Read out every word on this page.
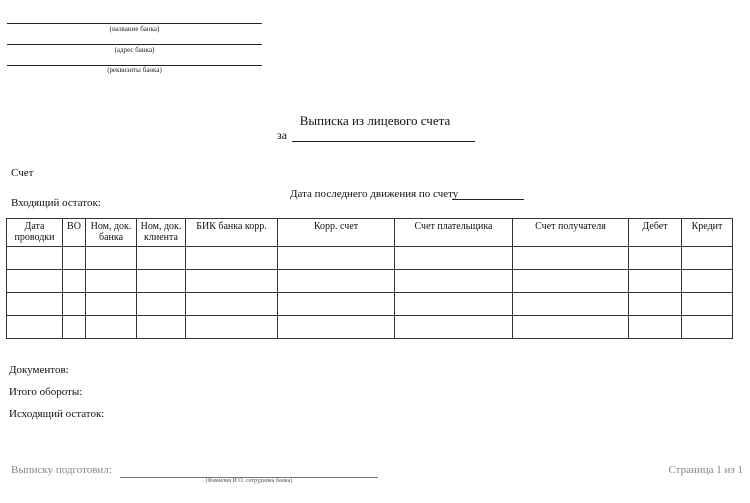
(название банка)
(адрес банка)
(реквизиты банка)
Выписка из лицевого счета
за
Счет
Дата последнего движения по счету
Входящий остаток:
Дата проводки	ВО	Ном, док. банка	Ном, док. клиента	БИК банка корр.	Корр. счет	Счет плательщика	Счет получателя	Дебет	Кредит

Документов:
Итого обороты:
Исходящий остаток:
Выписку подготовил:
(Фамилия И.О. сотрудника банка)
Страница 1 из 1
